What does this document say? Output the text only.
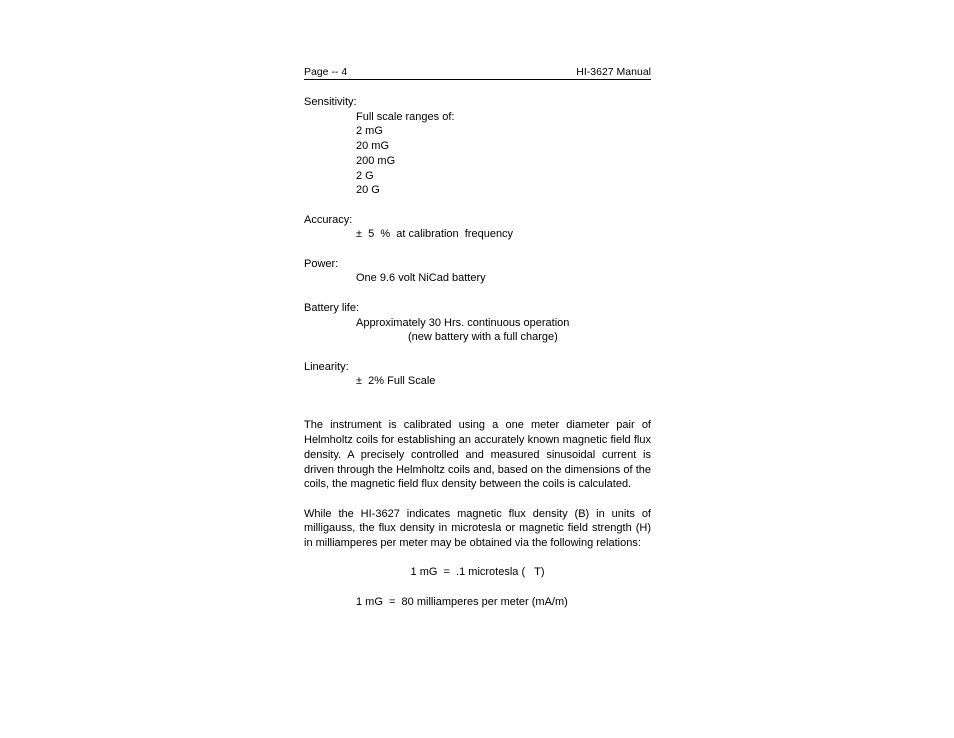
Page -- 4	HI-3627 Manual
Sensitivity:
Full scale ranges of:
2 mG
20 mG
200 mG
2 G
20 G
Accuracy:
±  5  %  at calibration  frequency
Power:
One 9.6 volt NiCad battery
Battery life:
Approximately 30 Hrs. continuous operation
(new battery with a full charge)
Linearity:
±  2% Full Scale
The instrument is calibrated using a one meter diameter pair of Helmholtz coils for establishing an accurately known magnetic field flux density. A precisely controlled and measured sinusoidal current is driven through the Helmholtz coils and, based on the dimensions of the coils, the magnetic field flux density between the coils is calculated.
While the HI-3627 indicates magnetic flux density (B) in units of milligauss, the flux density in microtesla or magnetic field strength (H) in milliamperes per meter may be obtained via the following relations:
1 mG  =  .1 microtesla (   T)
1 mG  =  80 milliamperes per meter (mA/m)
